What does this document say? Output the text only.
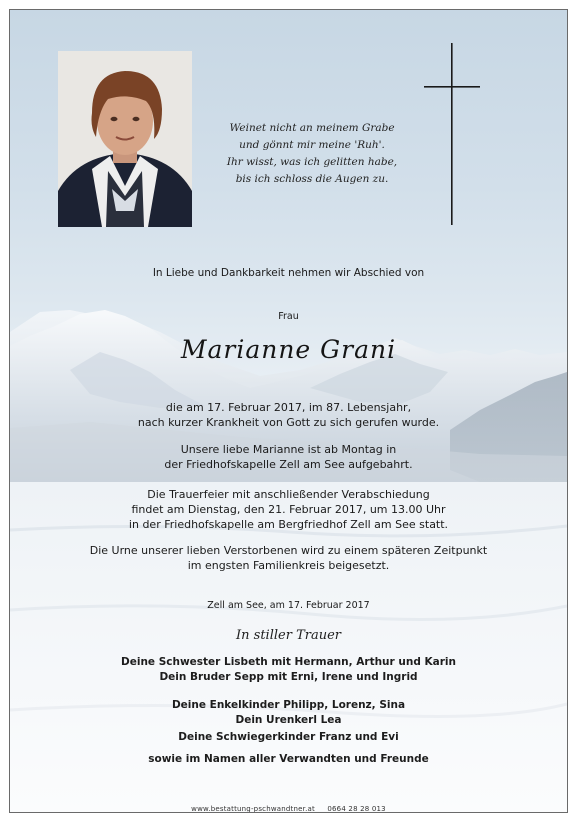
Weinet nicht an meinem Grabe
und gönnt mir meine 'Ruh'.
Ihr wisst, was ich gelitten habe,
bis ich schloss die Augen zu.
In Liebe und Dankbarkeit nehmen wir Abschied von
Frau
Marianne Grani
die am 17. Februar 2017, im 87. Lebensjahr,
nach kurzer Krankheit von Gott zu sich gerufen wurde.
Unsere liebe Marianne ist ab Montag in
der Friedhofskapelle Zell am See aufgebahrt.
Die Trauerfeier mit anschließender Verabschiedung
findet am Dienstag, den 21. Februar 2017, um 13.00 Uhr
in der Friedhofskapelle am Bergfriedhof Zell am See statt.
Die Urne unserer lieben Verstorbenen wird zu einem späteren Zeitpunkt
im engsten Familienkreis beigesetzt.
Zell am See, am 17. Februar 2017
In stiller Trauer
Deine Schwester Lisbeth mit Hermann, Arthur und Karin
Dein Bruder Sepp mit Erni, Irene und Ingrid
Deine Enkelkinder Philipp, Lorenz, Sina
Dein Urenkerl Lea
Deine Schwiegerkinder Franz und Evi
sowie im Namen aller Verwandten und Freunde
www.bestattung-pschwandtner.at 0664 28 28 013
